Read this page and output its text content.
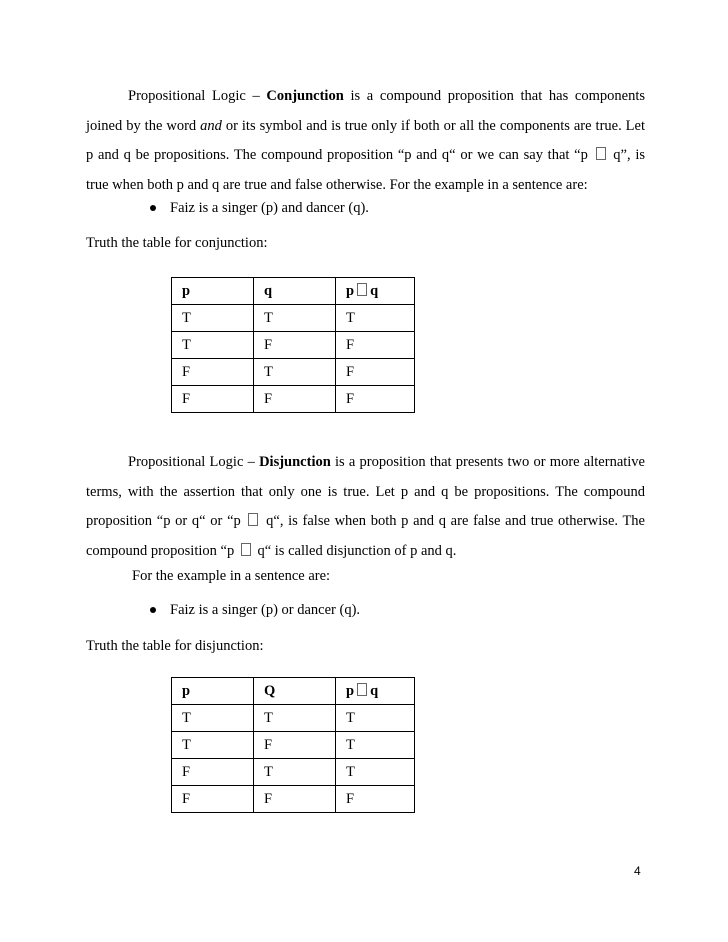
Propositional Logic – Conjunction is a compound proposition that has components joined by the word and or its symbol and is true only if both or all the components are true. Let p and q be propositions. The compound proposition “p and q“ or we can say that “p  q”, is true when both p and q are true and false otherwise. For the example in a sentence are:

Faiz is a singer (p) and dancer (q).

Truth the table for conjunction:

p	q	p q
T	T	T
T	F	F
F	T	F
F	F	F

Propositional Logic – Disjunction is a proposition that presents two or more alternative terms, with the assertion that only one is true. Let p and q be propositions. The compound proposition “p or q“ or “p  q“, is false when both p and q are false and true otherwise. The compound proposition “p  q“ is called disjunction of p and q.

For the example in a sentence are:

Faiz is a singer (p) or dancer (q).

Truth the table for disjunction:

p	Q	p q
T	T	T
T	F	T
F	T	T
F	F	F

4
